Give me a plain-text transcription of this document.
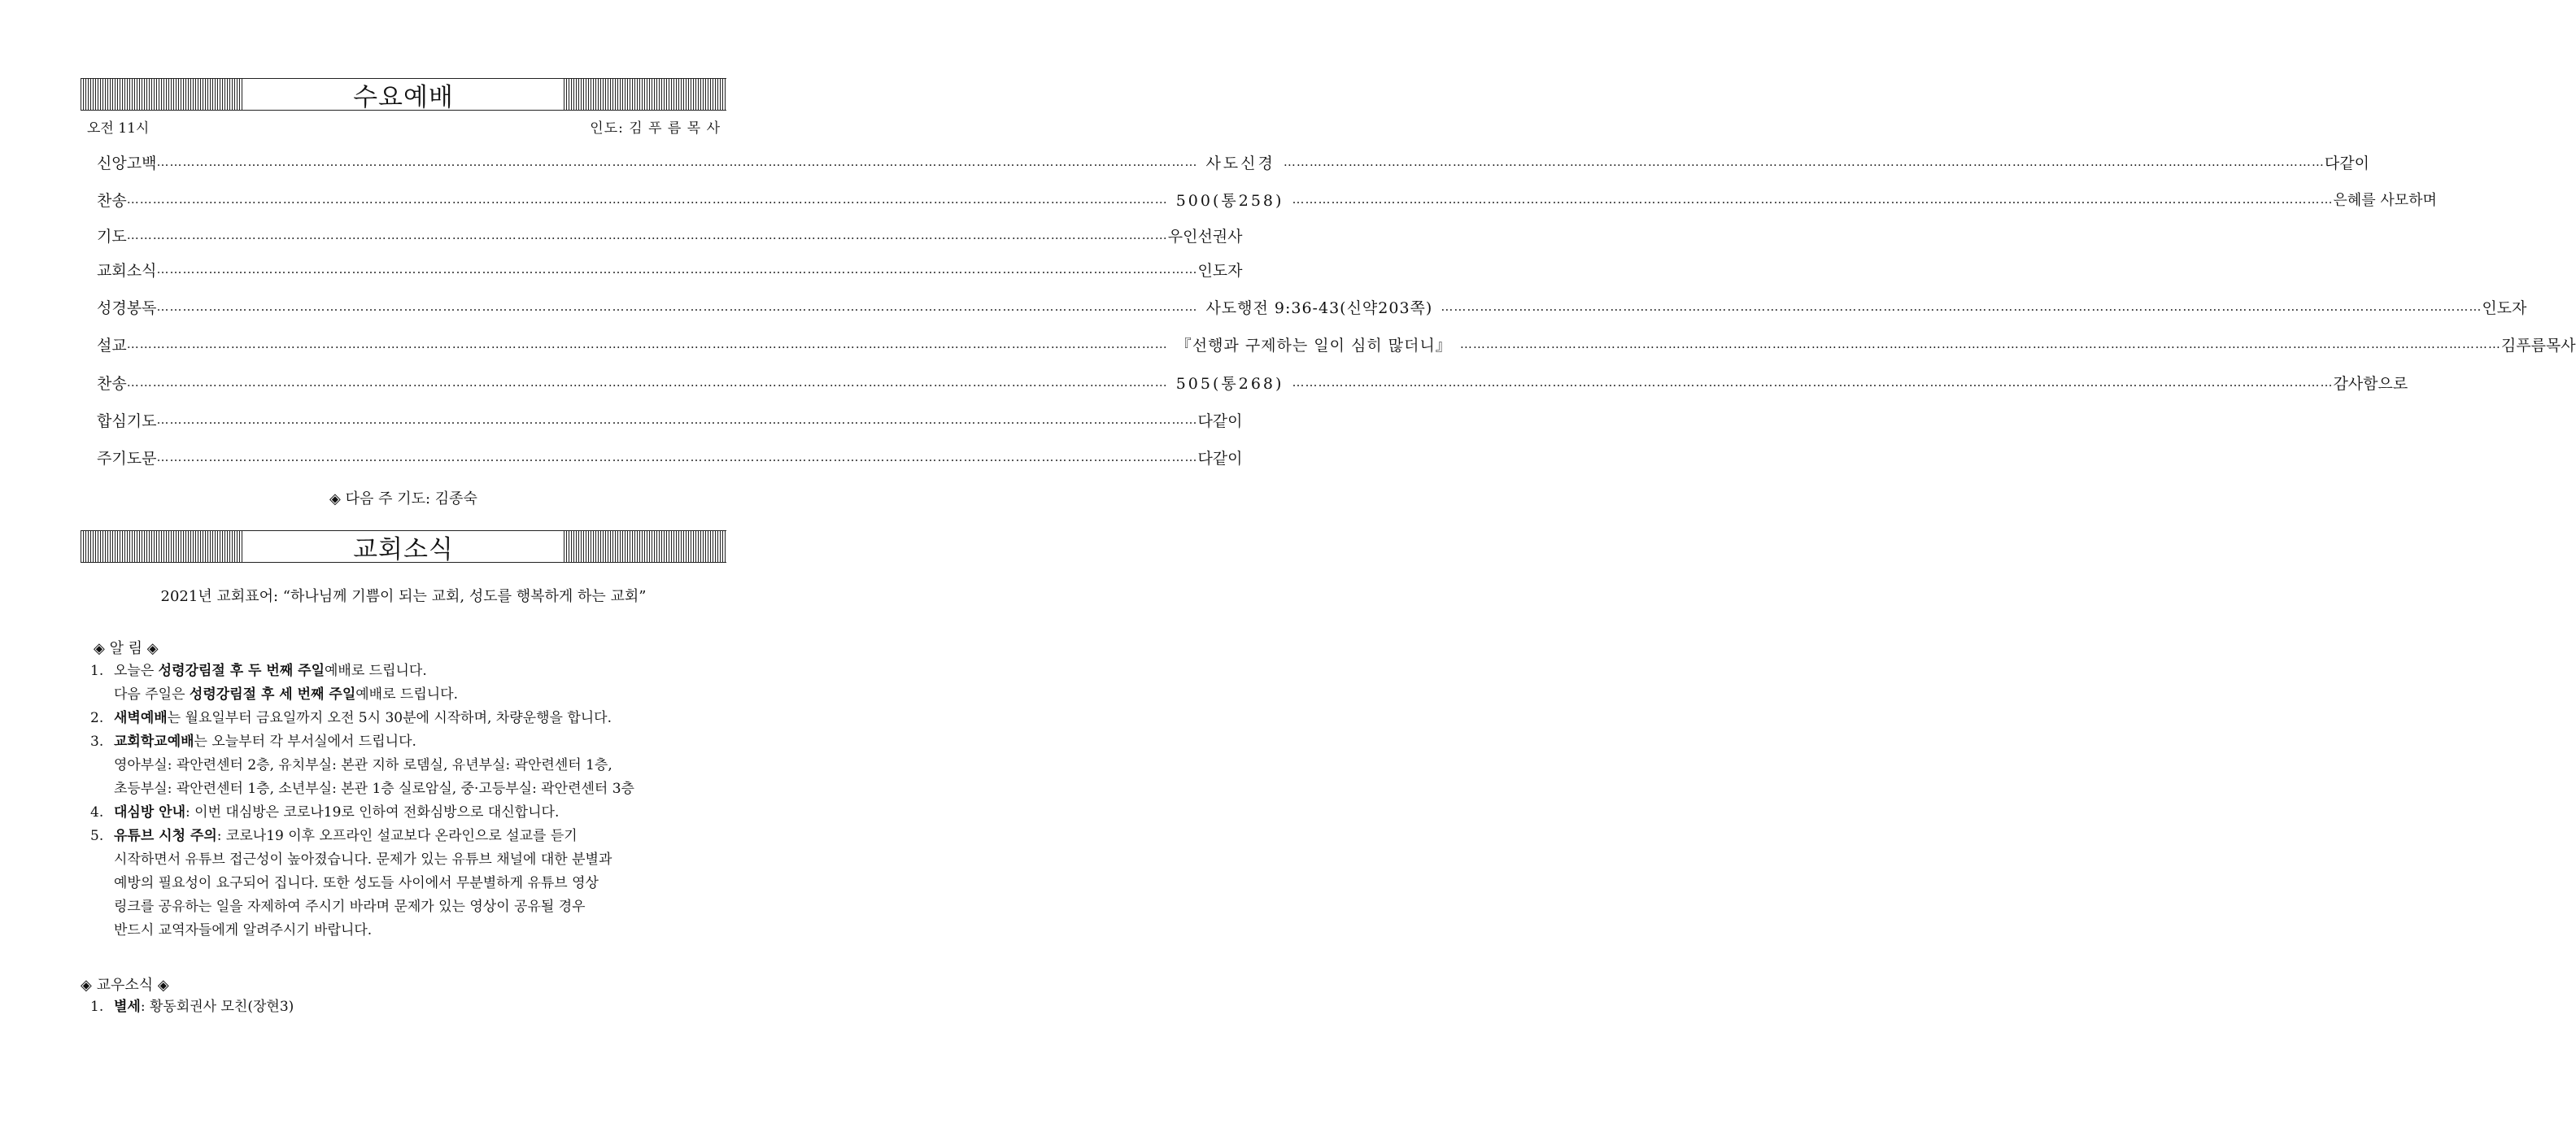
수요예배
오전 11시	인도: 김 푸 름 목 사
신 앙 고 백 …………………………………………………………………………………………………………………………………………………………………………………………………………………… 사도신경 …………………………………………………………………………………………………………………………………………………………………………………………………………………… 다 같 이
찬 송 …………………………………………………………………………………………………………………………………………………………………………………………………………………… 500(통258) …………………………………………………………………………………………………………………………………………………………………………………………………………………… 은혜를 사모하며
기 도 …………………………………………………………………………………………………………………………………………………………………………………………………………………… 우 인 선 권 사
교 회 소 식 …………………………………………………………………………………………………………………………………………………………………………………………………………………… 인 도 자
성 경 봉 독 …………………………………………………………………………………………………………………………………………………………………………………………………………………… 사도행전 9:36-43(신약203쪽) …………………………………………………………………………………………………………………………………………………………………………………………………………………… 인 도 자
설 교 …………………………………………………………………………………………………………………………………………………………………………………………………………………… 『선행과 구제하는 일이 심히 많더니』 …………………………………………………………………………………………………………………………………………………………………………………………………………………… 김 푸 름 목 사
찬 송 …………………………………………………………………………………………………………………………………………………………………………………………………………………… 505(통268) …………………………………………………………………………………………………………………………………………………………………………………………………………………… 감 사 함 으 로
합 심 기 도 …………………………………………………………………………………………………………………………………………………………………………………………………………………… 다 같 이
주 기 도 문 …………………………………………………………………………………………………………………………………………………………………………………………………………………… 다 같 이
◈ 다음 주 기도: 김종숙
교회소식
2021년 교회표어: “하나님께 기쁨이 되는 교회, 성도를 행복하게 하는 교회”
◈ 알 림 ◈
1. 오늘은 성령강림절 후 두 번째 주일예배로 드립니다.
다음 주일은 성령강림절 후 세 번째 주일예배로 드립니다.
2. 새벽예배는 월요일부터 금요일까지 오전 5시 30분에 시작하며, 차량운행을 합니다.
3. 교회학교예배는 오늘부터 각 부서실에서 드립니다.
영아부실: 곽안련센터 2층, 유치부실: 본관 지하 로뎀실, 유년부실: 곽안련센터 1층,
초등부실: 곽안련센터 1층, 소년부실: 본관 1층 실로암실, 중·고등부실: 곽안련센터 3층
4. 대심방 안내: 이번 대심방은 코로나19로 인하여 전화심방으로 대신합니다.
5. 유튜브 시청 주의: 코로나19 이후 오프라인 설교보다 온라인으로 설교를 듣기
시작하면서 유튜브 접근성이 높아졌습니다. 문제가 있는 유튜브 채널에 대한 분별과
예방의 필요성이 요구되어 집니다. 또한 성도들 사이에서 무분별하게 유튜브 영상
링크를 공유하는 일을 자제하여 주시기 바라며 문제가 있는 영상이 공유될 경우
반드시 교역자들에게 알려주시기 바랍니다.
◈ 교우소식 ◈
1. 별세: 황동회권사 모친(장현3)
